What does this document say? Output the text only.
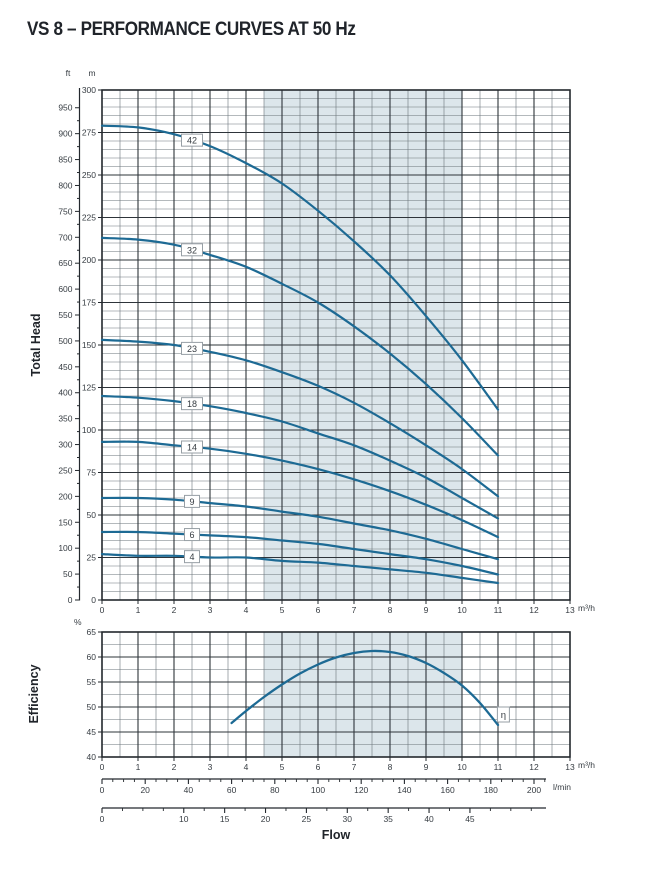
VS 8 – PERFORMANCE CURVES AT 50 Hz
0	1	2	3	4	5	6	7	8	9	10	11	12	13
0
25
50
75
100
125
150
175
200
225
250
275
300
0
50
100
150
200
250
300
350
400
450
500
550
600
650
700
750
800
850
900
950
42
32
23
18
14
9
6
4
0	1	2	3	4	5	6	7	8	9	10	11	12	13
40
45
50
55
60
65
η
0	20	40	60	80	100	120	140	160	180	200
0	10	15	20	25	30	35	40	45
Total Head
Efficiency
Flow
ft m
%
m³/h
m³/h
l/min
